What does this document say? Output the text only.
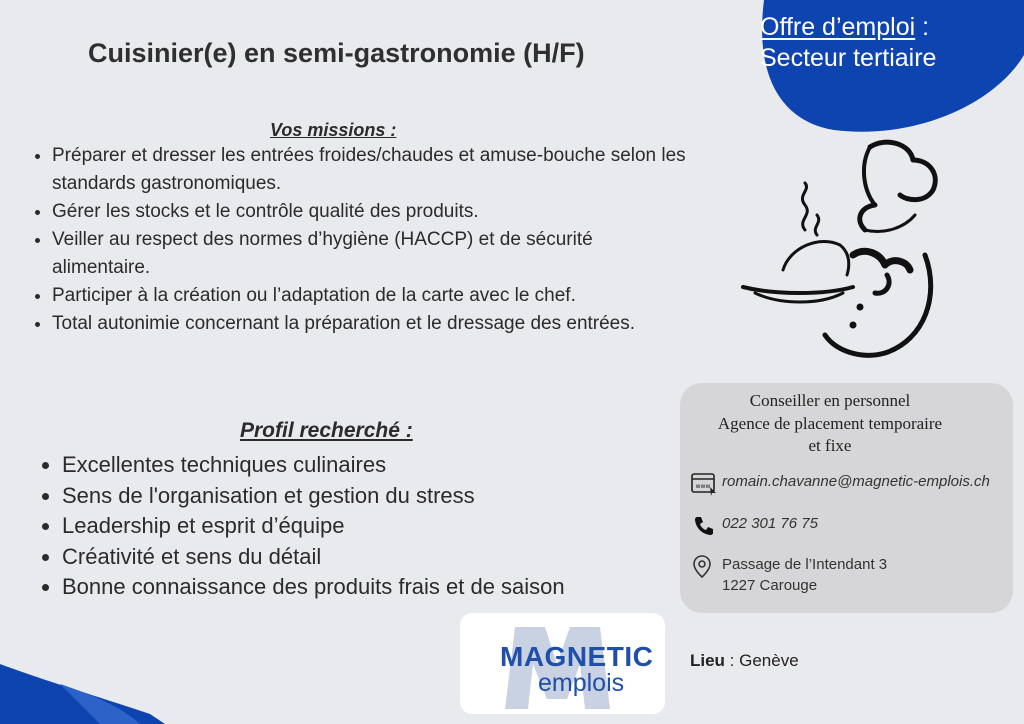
Offre d’emploi :
Secteur tertiaire
Cuisinier(e) en semi-gastronomie (H/F)
Vos missions :
• Préparer et dresser les entrées froides/chaudes et amuse-bouche selon les standards gastronomiques.
• Gérer les stocks et le contrôle qualité des produits.
• Veiller au respect des normes d’hygiène (HACCP) et de sécurité alimentaire.
• Participer à la création ou l’adaptation de la carte avec le chef.
• Total autonimie concernant la préparation et le dressage des entrées.
Profil recherché :
• Excellentes techniques culinaires
• Sens de l'organisation et gestion du stress
• Leadership et esprit d’équipe
• Créativité et sens du détail
• Bonne connaissance des produits frais et de saison
Conseiller en personnel
Agence de placement temporaire
et fixe
www romain.chavanne@magnetic-emplois.ch
022 301 76 75
Passage de l’Intendant 3
1227 Carouge
MAGNETIC
emplois
Lieu : Genève
